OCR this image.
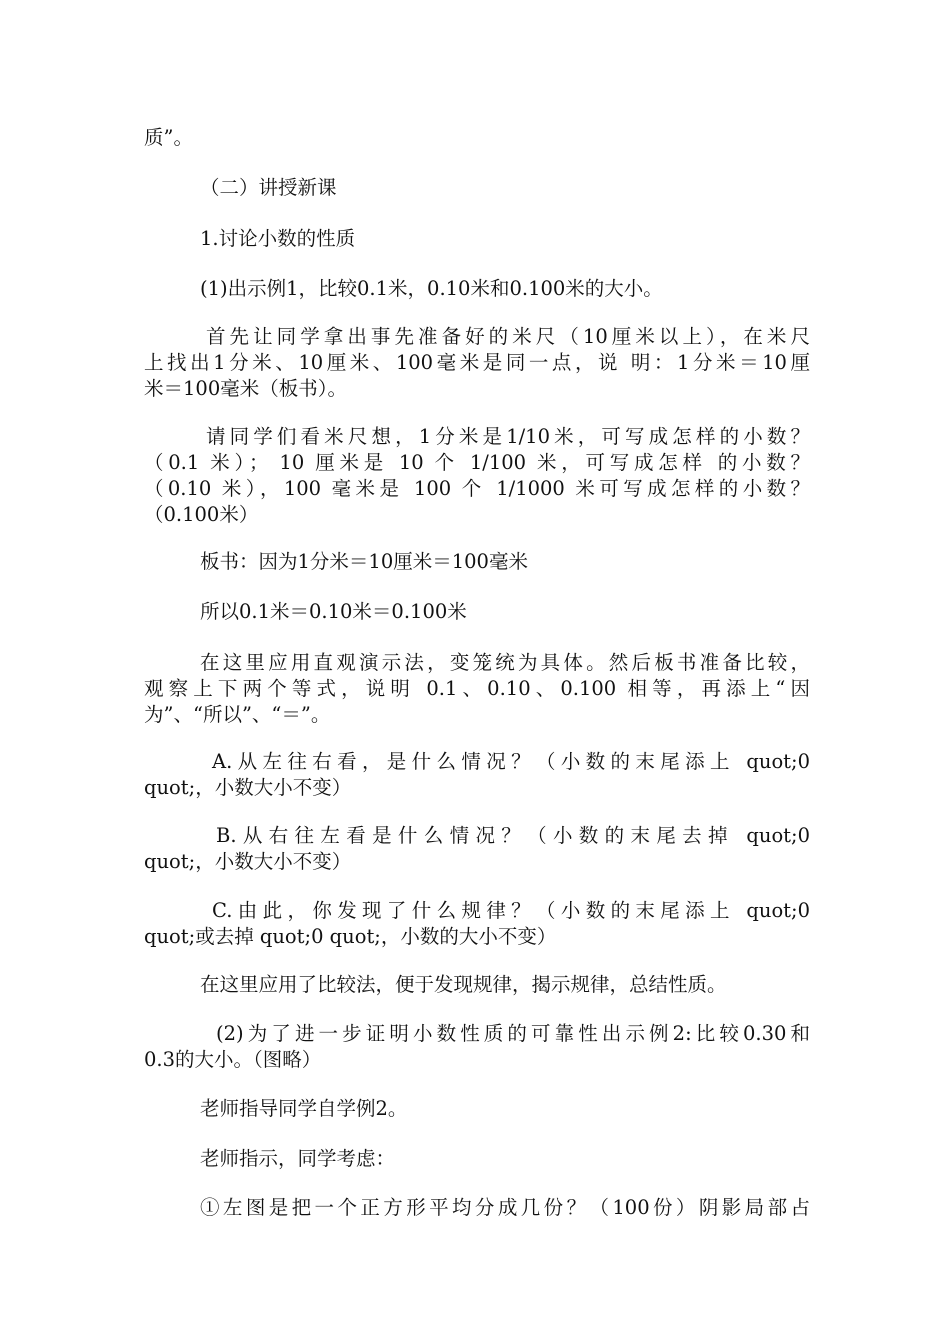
质”。
（二）讲授新课
1.讨论小数的性质
(1)出示例1，比较0.1米，0.10米和0.100米的大小。
首先让同学拿出事先准备好的米尺（10厘米以上），在米尺
上找出1分米、10厘米、100毫米是同一点，说 明：1分米＝10厘
米＝100毫米（板书）。
请同学们看米尺想，1分米是1/10米，可写成怎样的小数？
（0.1 米）； 10 厘米是 10 个 1/100 米，可写成怎样 的小数？
（0.10 米），100 毫米是 100 个 1/1000 米可写成怎样的小数？
（0.100米）
板书：因为1分米＝10厘米＝100毫米
所以0.1米＝0.10米＝0.100米
在这里应用直观演示法，变笼统为具体。然后板书准备比较，
观察上下两个等式，说明 0.1、0.10、0.100 相等，再添上“因
为”、“所以”、“＝”。
A.从左往右看，是什么情况？（小数的末尾添上 quot;0
quot;，小数大小不变）
B.从右往左看是什么情况？（小数的末尾去掉 quot;0
quot;，小数大小不变）
C.由此，你发现了什么规律？（小数的末尾添上 quot;0
quot;或去掉 quot;0 quot;，小数的大小不变）
在这里应用了比较法，便于发现规律，揭示规律，总结性质。
(2)为了进一步证明小数性质的可靠性出示例2:比较0.30和
0.3的大小。（图略）
老师指导同学自学例2。
老师指示，同学考虑：
①左图是把一个正方形平均分成几份？（100份）阴影局部占
